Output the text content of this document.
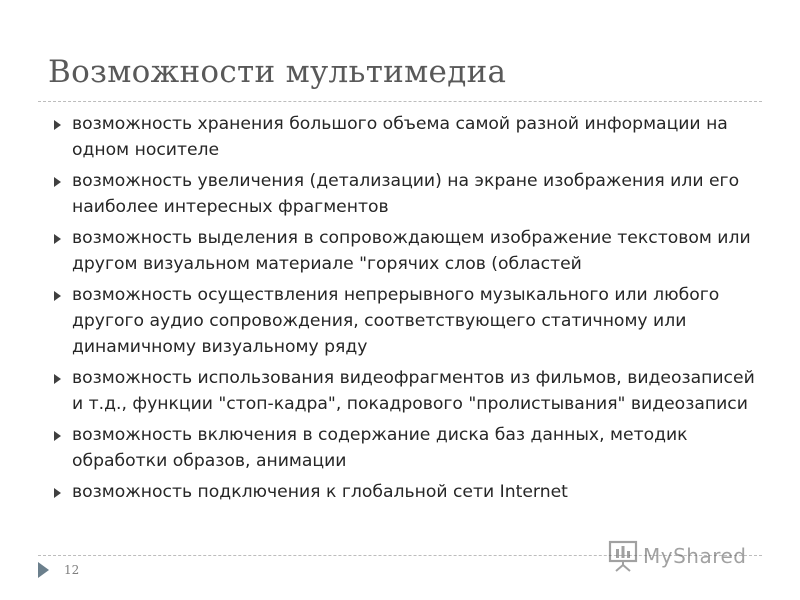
Возможности мультимедиа
возможность хранения большого объема самой разной информации на одном носителе
возможность увеличения (детализации) на экране изображения или его наиболее интересных фрагментов
возможность выделения в сопровождающем изображение текстовом или другом визуальном материале "горячих слов (областей
возможность осуществления непрерывного музыкального или любого другого аудио сопровождения, соответствующего статичному или динамичному визуальному ряду
возможность использования видеофрагментов из фильмов, видеозаписей и т.д., функции "стоп-кадра", покадрового "пролистывания" видеозаписи
возможность включения в содержание диска баз данных, методик обработки образов, анимации
возможность подключения к глобальной сети Internet
12
MyShared
